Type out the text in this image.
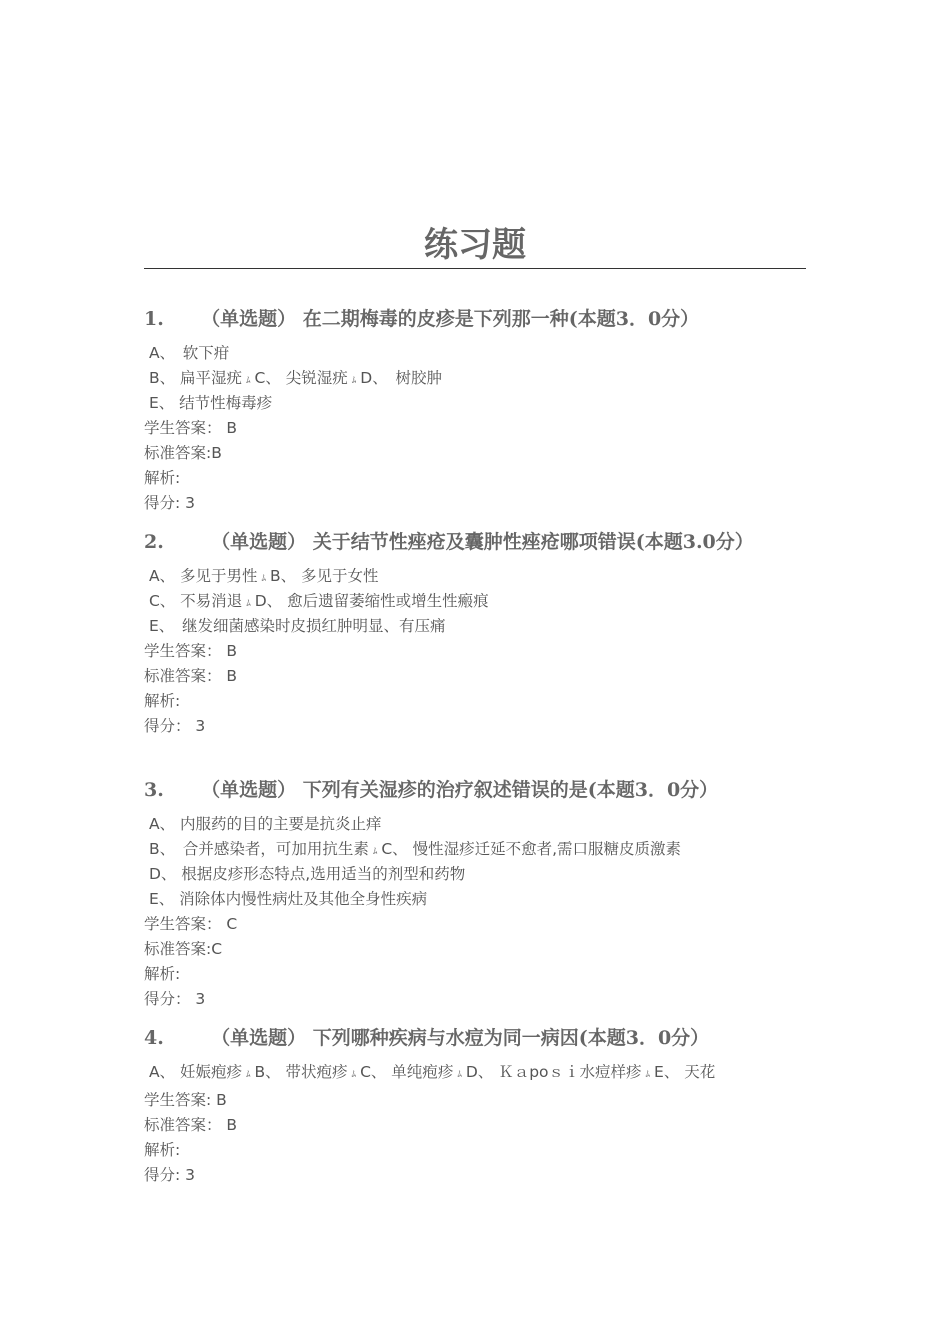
练习题
1. （单选题） 在二期梅毒的皮疹是下列那一种(本题3．0分）
A、　软下疳
B、 扁平湿疣 ﾑ C、 尖锐湿疣 ﾑ D、　树胶肿
E、 结节性梅毒疹
学生答案： B
标准答案:B
解析:
得分: 3
2. （单选题） 关于结节性痤疮及囊肿性痤疮哪项错误(本题3.0分）
A、 多见于男性 ﾑ B、 多见于女性
C、 不易消退 ﾑ D、 愈后遗留萎缩性或增生性瘢痕
E、　继发细菌感染时皮损红肿明显、有压痛
学生答案： B
标准答案： B
解析:
得分： 3
3. （单选题） 下列有关湿疹的治疗叙述错误的是(本题3．0分）
A、 内服药的目的主要是抗炎止痒
B、　合并感染者，可加用抗生素 ﾑ C、 慢性湿疹迁延不愈者,需口服糖皮质激素
D、 根据皮疹形态特点,选用适当的剂型和药物
E、 消除体内慢性病灶及其他全身性疾病
学生答案： C
标准答案:C
解析:
得分： 3
4. （单选题） 下列哪种疾病与水痘为同一病因(本题3．0分）
A、 妊娠疱疹 ﾑ B、 带状疱疹 ﾑ C、 单纯疱疹 ﾑ D、 Ｋａpoｓｉ水痘样疹 ﾑ E、 天花
学生答案: B
标准答案： B
解析:
得分: 3
